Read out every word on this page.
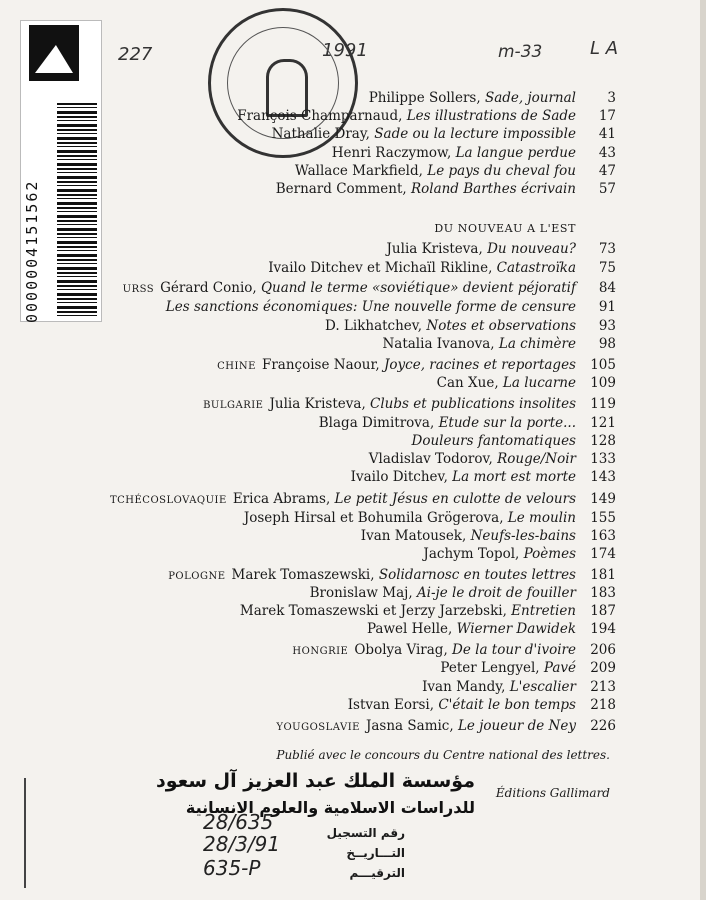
0000004151562
227	1991	m-33	L A
Philippe Sollers, Sade, journal	3
François Champarnaud, Les illustrations de Sade	17
Nathalie Dray, Sade ou la lecture impossible	41
Henri Raczymow, La langue perdue	43
Wallace Markfield, Le pays du cheval fou	47
Bernard Comment, Roland Barthes écrivain	57
Julia Kristeva, Du nouveau?	73
Ivailo Ditchev et Michaïl Rikline, Catastroïka	75
URSS Gérard Conio, Quand le terme «soviétique» devient péjoratif	84
Les sanctions économiques: Une nouvelle forme de censure	91
D. Likhatchev, Notes et observations	93
Natalia Ivanova, La chimère	98
CHINE Françoise Naour, Joyce, racines et reportages	105
Can Xue, La lucarne	109
BULGARIE Julia Kristeva, Clubs et publications insolites	119
Blaga Dimitrova, Etude sur la porte...	121
Douleurs fantomatiques	128
Vladislav Todorov, Rouge/Noir	133
Ivailo Ditchev, La mort est morte	143
TCHÉCOSLOVAQUIE Erica Abrams, Le petit Jésus en culotte de velours	149
Joseph Hirsal et Bohumila Grögerova, Le moulin	155
Ivan Matousek, Neufs-les-bains	163
Jachym Topol, Poèmes	174
POLOGNE Marek Tomaszewski, Solidarnosc en toutes lettres	181
Bronislaw Maj, Ai-je le droit de fouiller	183
Marek Tomaszewski et Jerzy Jarzebski, Entretien	187
Pawel Helle, Wierner Dawidek	194
HONGRIE Obolya Virag, De la tour d'ivoire	206
Peter Lengyel, Pavé	209
Ivan Mandy, L'escalier	213
Istvan Eorsi, C'était le bon temps	218
YOUGOSLAVIE Jasna Samic, Le joueur de Ney	226
DU NOUVEAU A L'EST
Publié avec le concours du Centre national des lettres.
Éditions Gallimard
مؤسسة الملك عبد العزيز آل سعود
للدراسات الاسلامية والعلوم الانسانية
رقم التسجيل
التـــاريــخ
الترقيـــم
28/635
28/3/91
635-P
